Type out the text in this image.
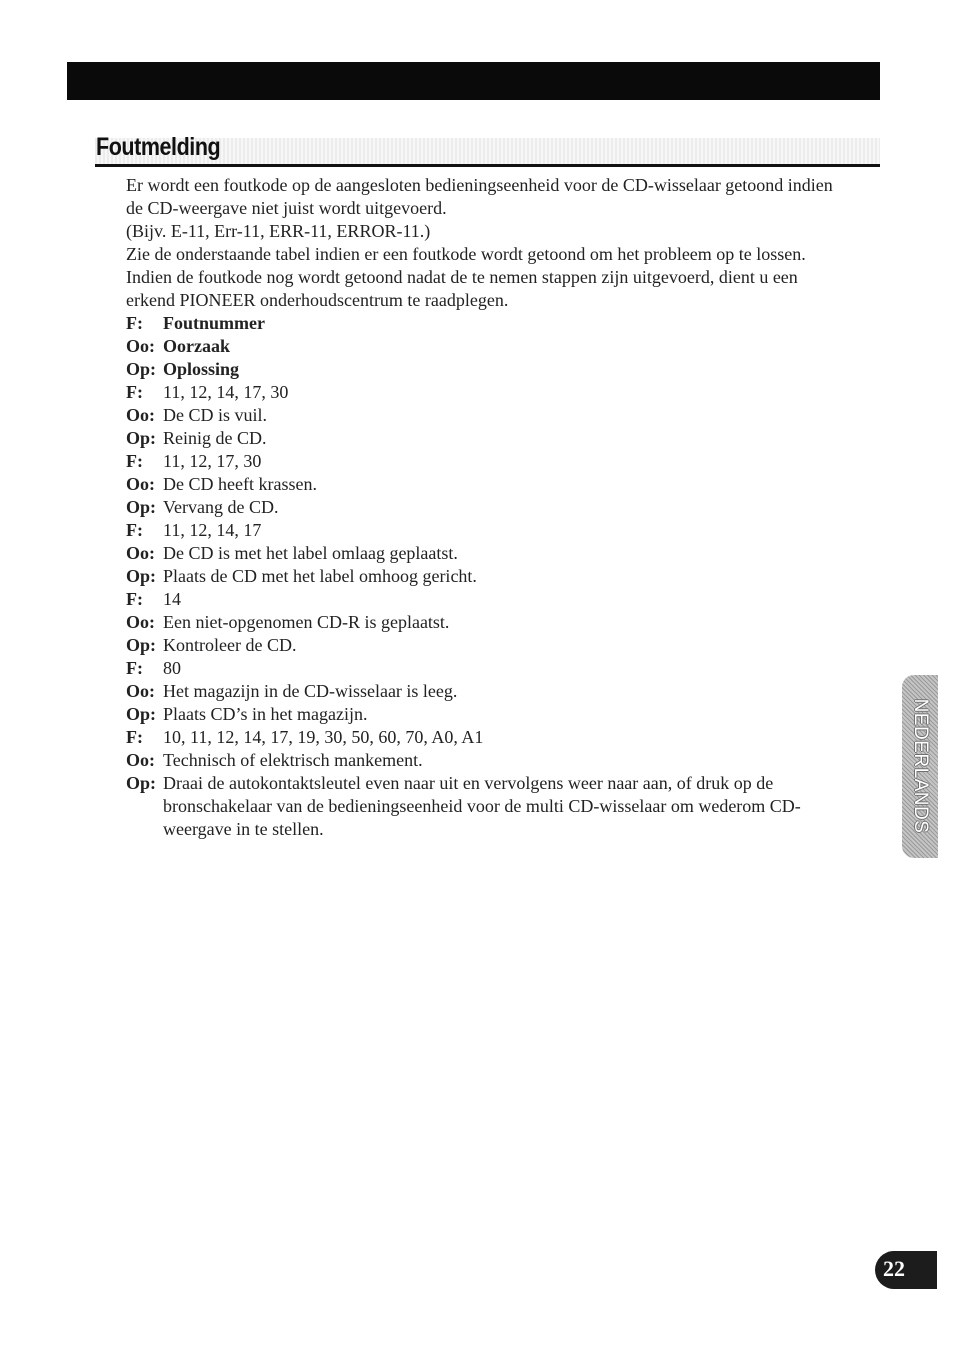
Foutmelding

Er wordt een foutkode op de aangesloten bedieningseenheid voor de CD-wisselaar getoond indien de CD-weergave niet juist wordt uitgevoerd.

(Bijv. E-11, Err-11, ERR-11, ERROR-11.)

Zie de onderstaande tabel indien er een foutkode wordt getoond om het probleem op te lossen. Indien de foutkode nog wordt getoond nadat de te nemen stappen zijn uitgevoerd, dient u een erkend PIONEER onderhoudscentrum te raadplegen.

F:	Foutnummer
Oo: Oorzaak
Op: Oplossing
F:	11, 12, 14, 17, 30
Oo: De CD is vuil.
Op: Reinig de CD.
F:	11, 12, 17, 30
Oo: De CD heeft krassen.
Op: Vervang de CD.
F:	11, 12, 14, 17
Oo: De CD is met het label omlaag geplaatst.
Op: Plaats de CD met het label omhoog gericht.
F:	14
Oo: Een niet-opgenomen CD-R is geplaatst.
Op: Kontroleer de CD.
F:	80
Oo: Het magazijn in de CD-wisselaar is leeg.
Op: Plaats CD’s in het magazijn.
F:	10, 11, 12, 14, 17, 19, 30, 50, 60, 70, A0, A1
Oo: Technisch of elektrisch mankement.
Op: Draai de autokontaktsleutel even naar uit en vervolgens weer naar aan, of druk op de bronschakelaar van de bedieningseenheid voor de multi CD-wisselaar om wederom CD-weergave in te stellen.	NEDERLANDS
22
